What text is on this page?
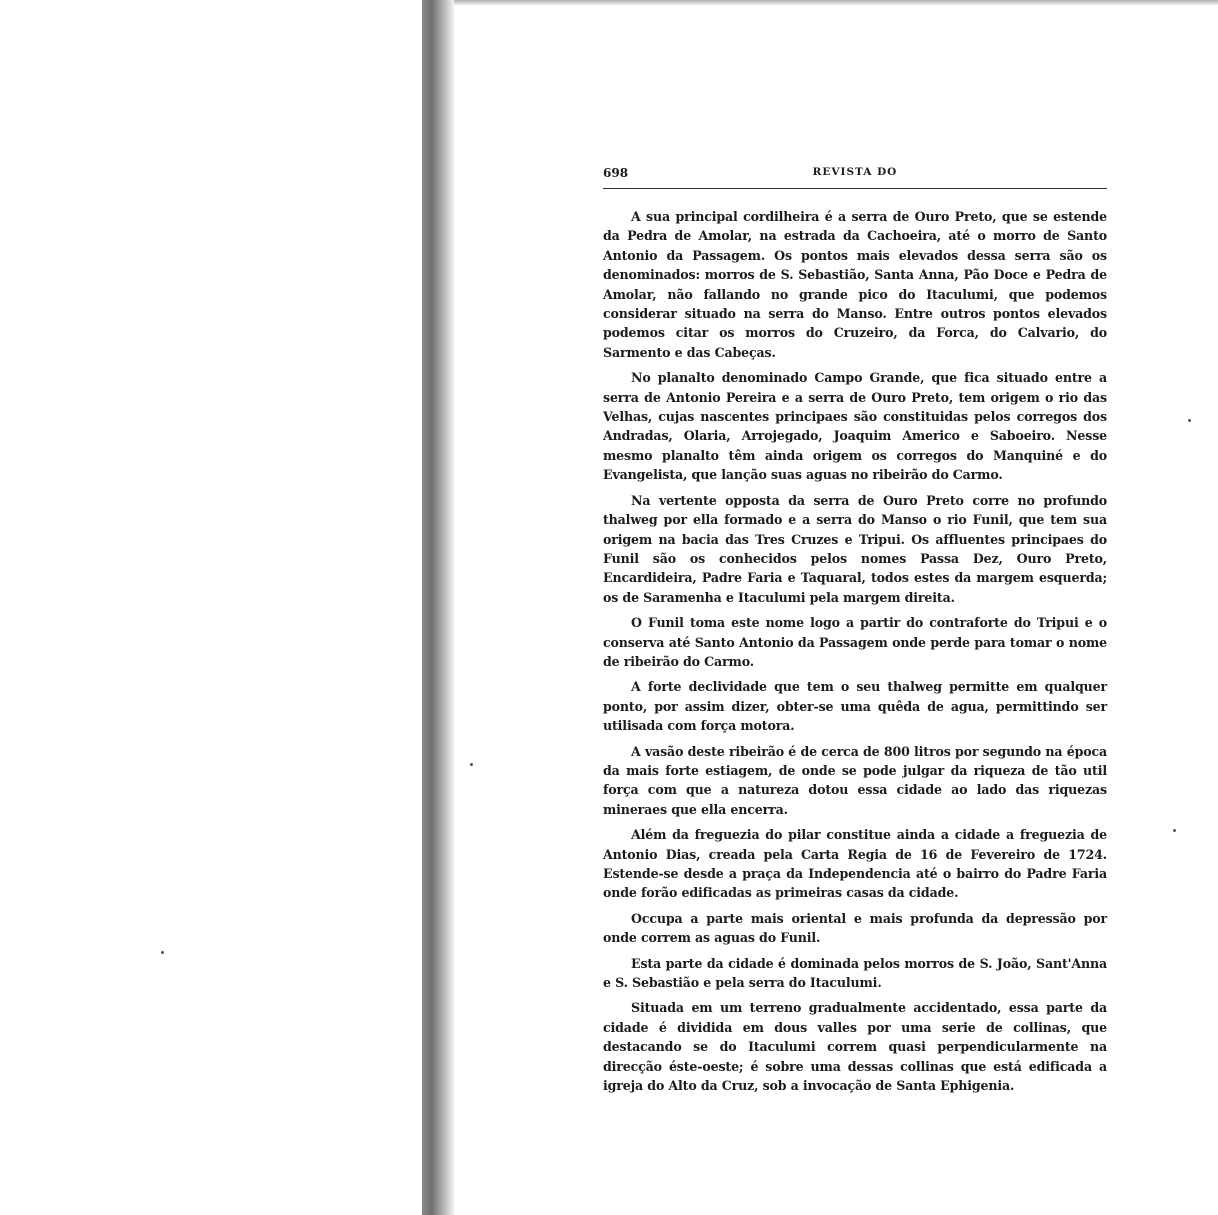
698	REVISTA DO

A sua principal cordilheira é a serra de Ouro Preto, que se estende da Pedra de Amolar, na estrada da Cachoeira, até o morro de Santo Antonio da Passagem. Os pontos mais elevados dessa serra são os denominados: morros de S. Sebastião, Santa Anna, Pão Doce e Pedra de Amolar, não fallando no grande pico do Itaculumi, que podemos considerar situado na serra do Manso. Entre outros pontos elevados podemos citar os morros do Cruzeiro, da Forca, do Calvario, do Sarmento e das Cabeças.

No planalto denominado Campo Grande, que fica situado entre a serra de Antonio Pereira e a serra de Ouro Preto, tem origem o rio das Velhas, cujas nascentes principaes são constituidas pelos corregos dos Andradas, Olaria, Arrojegado, Joaquim Americo e Saboeiro. Nesse mesmo planalto têm ainda origem os corregos do Manquiné e do Evangelista, que lanção suas aguas no ribeirão do Carmo.

Na vertente opposta da serra de Ouro Preto corre no profundo thalweg por ella formado e a serra do Manso o rio Funil, que tem sua origem na bacia das Tres Cruzes e Tripui. Os affluentes principaes do Funil são os conhecidos pelos nomes Passa Dez, Ouro Preto, Encardideira, Padre Faria e Taquaral, todos estes da margem esquerda; os de Saramenha e Itaculumi pela margem direita.

O Funil toma este nome logo a partir do contraforte do Tripui e o conserva até Santo Antonio da Passagem onde perde para tomar o nome de ribeirão do Carmo.

A forte declividade que tem o seu thalweg permitte em qualquer ponto, por assim dizer, obter-se uma quêda de agua, permittindo ser utilisada com força motora.

A vasão deste ribeirão é de cerca de 800 litros por segundo na época da mais forte estiagem, de onde se pode julgar da riqueza de tão util força com que a natureza dotou essa cidade ao lado das riquezas mineraes que ella encerra.

Além da freguezia do pilar constitue ainda a cidade a freguezia de Antonio Dias, creada pela Carta Regia de 16 de Fevereiro de 1724. Estende-se desde a praça da Independencia até o bairro do Padre Faria onde forão edificadas as primeiras casas da cidade.

Occupa a parte mais oriental e mais profunda da depressão por onde correm as aguas do Funil.

Esta parte da cidade é dominada pelos morros de S. João, Sant'Anna e S. Sebastião e pela serra do Itaculumi.

Situada em um terreno gradualmente accidentado, essa parte da cidade é dividida em dous valles por uma serie de collinas, que destacando se do Itaculumi correm quasi perpendicularmente na direcção éste-oeste; é sobre uma dessas collinas que está edificada a igreja do Alto da Cruz, sob a invocação de Santa Ephigenia.
